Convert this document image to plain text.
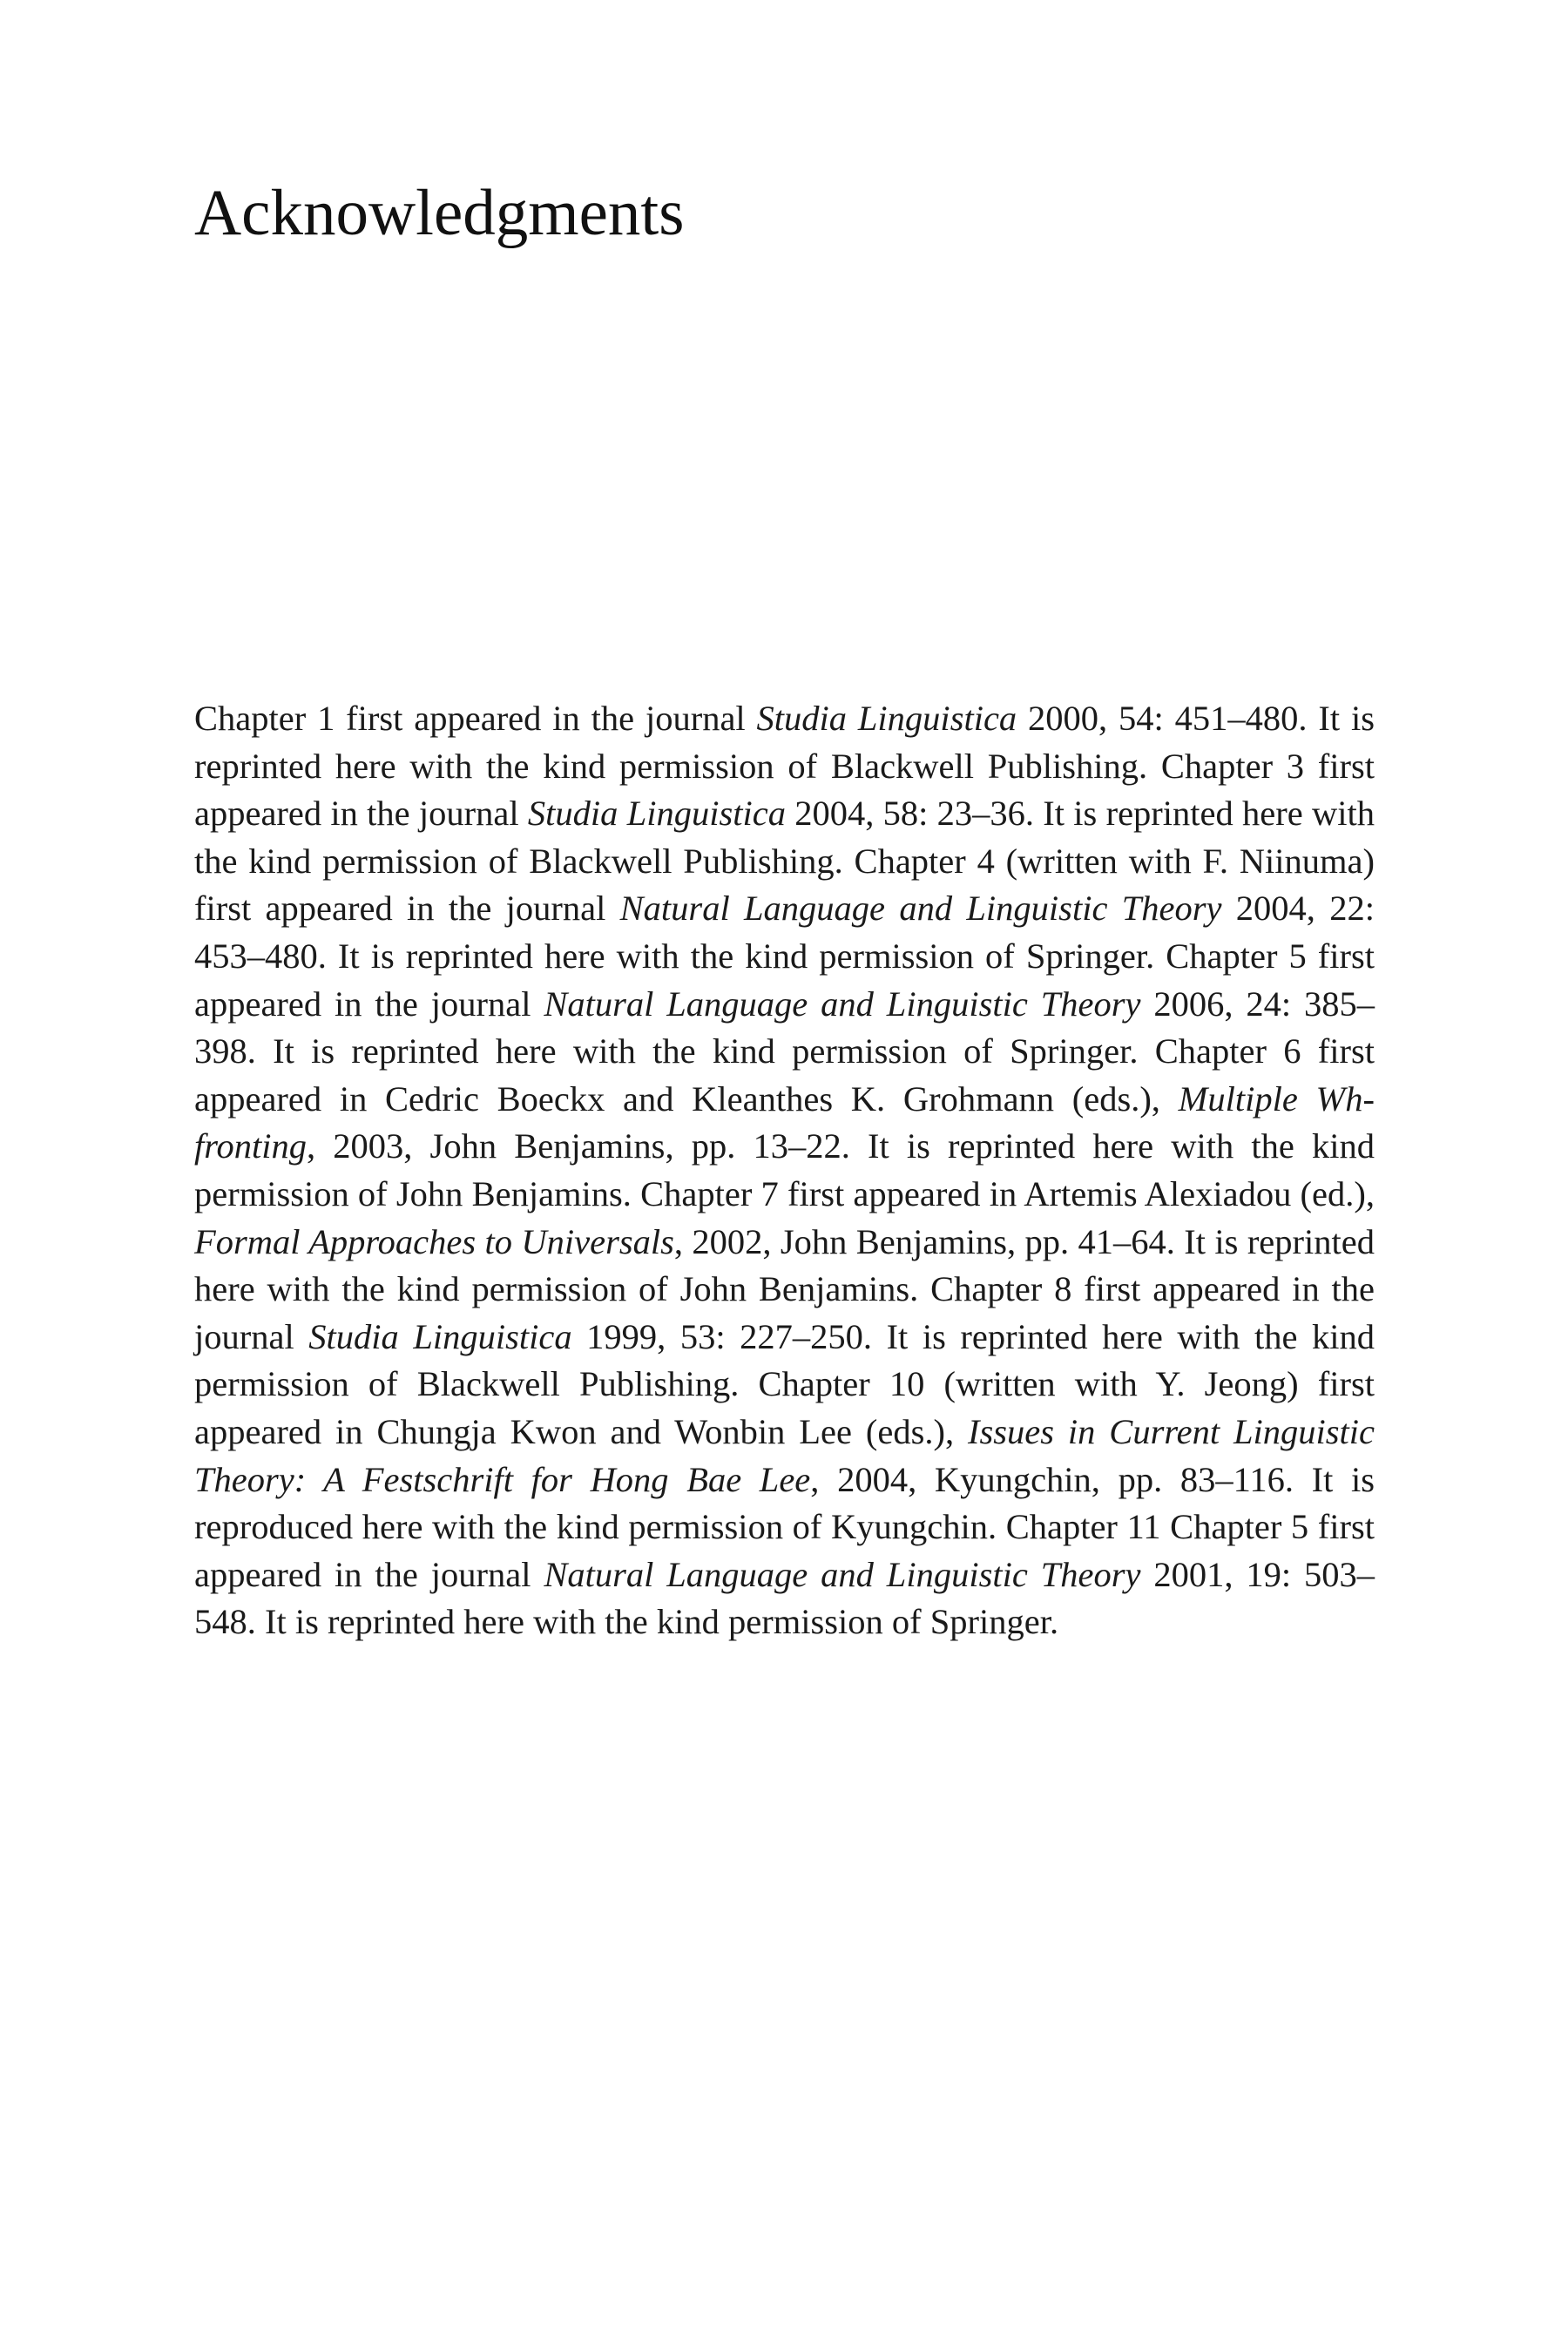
Acknowledgments

Chapter 1 first appeared in the journal Studia Linguistica 2000, 54: 451–480. It is reprinted here with the kind permission of Blackwell Publishing. Chapter 3 first appeared in the journal Studia Linguistica 2004, 58: 23–36. It is reprinted here with the kind permission of Blackwell Publishing. Chapter 4 (written with F. Niinuma) first appeared in the journal Natural Language and Linguistic Theory 2004, 22: 453–480. It is reprinted here with the kind permission of Springer. Chapter 5 first appeared in the journal Natural Language and Linguistic Theory 2006, 24: 385–398. It is reprinted here with the kind permission of Springer. Chapter 6 first appeared in Cedric Boeckx and Kleanthes K. Grohmann (eds.), Multiple Wh-fronting, 2003, John Benjamins, pp. 13–22. It is reprinted here with the kind permission of John Benjamins. Chapter 7 first appeared in Artemis Alexiadou (ed.), Formal Approaches to Universals, 2002, John Benjamins, pp. 41–64. It is reprinted here with the kind permission of John Benjamins. Chapter 8 first appeared in the journal Studia Linguistica 1999, 53: 227–250. It is reprinted here with the kind permission of Blackwell Publishing. Chapter 10 (written with Y. Jeong) first appeared in Chungja Kwon and Wonbin Lee (eds.), Issues in Current Linguistic Theory: A Festschrift for Hong Bae Lee, 2004, Kyungchin, pp. 83–116. It is reproduced here with the kind permission of Kyungchin. Chapter 11 Chapter 5 first appeared in the journal Natural Language and Linguistic Theory 2001, 19: 503–548. It is reprinted here with the kind permission of Springer.
